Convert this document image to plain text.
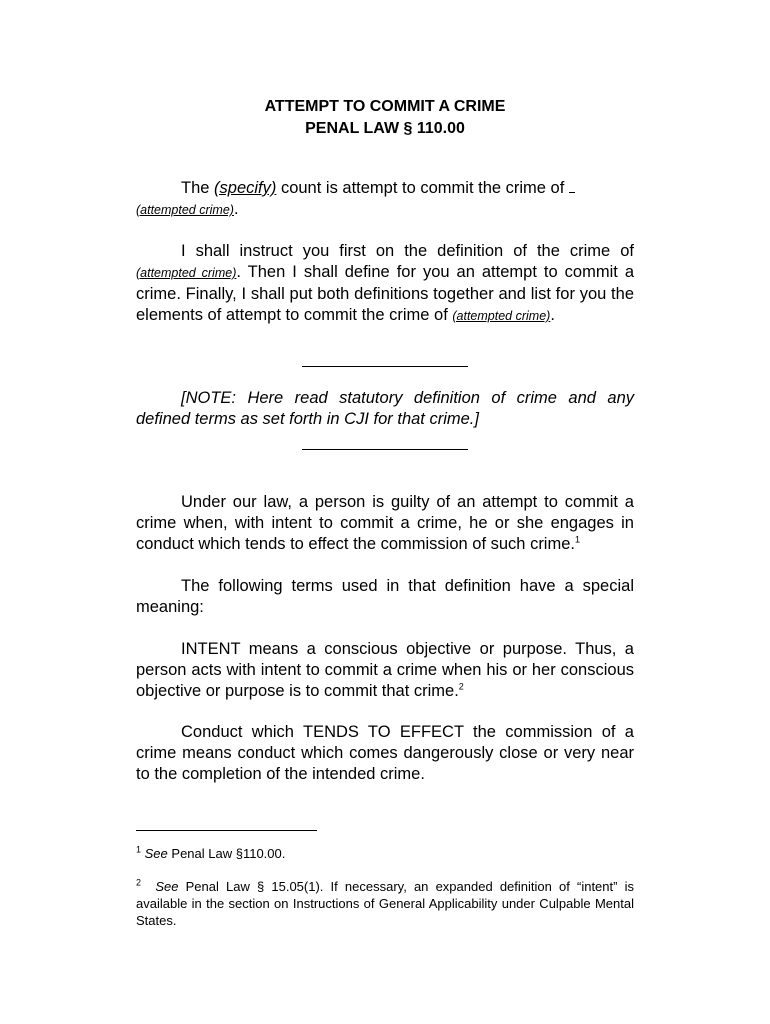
ATTEMPT TO COMMIT A CRIME
PENAL LAW § 110.00
The (specify) count is attempt to commit the crime of
(attempted crime).
I shall instruct you first on the definition of the crime of (attempted crime). Then I shall define for you an attempt to commit a crime. Finally, I shall put both definitions together and list for you the elements of attempt to commit the crime of (attempted crime).
[NOTE: Here read statutory definition of crime and any defined terms as set forth in CJI for that crime.]
Under our law, a person is guilty of an attempt to commit a crime when, with intent to commit a crime, he or she engages in conduct which tends to effect the commission of such crime.$^1$
The following terms used in that definition have a special meaning:
INTENT means a conscious objective or purpose. Thus, a person acts with intent to commit a crime when his or her conscious objective or purpose is to commit that crime.$^2$
Conduct which TENDS TO EFFECT the commission of a crime means conduct which comes dangerously close or very near to the completion of the intended crime.
$^1$ See Penal Law §110.00.
$^2$ See Penal Law § 15.05(1). If necessary, an expanded definition of “intent” is available in the section on Instructions of General Applicability under Culpable Mental States.
